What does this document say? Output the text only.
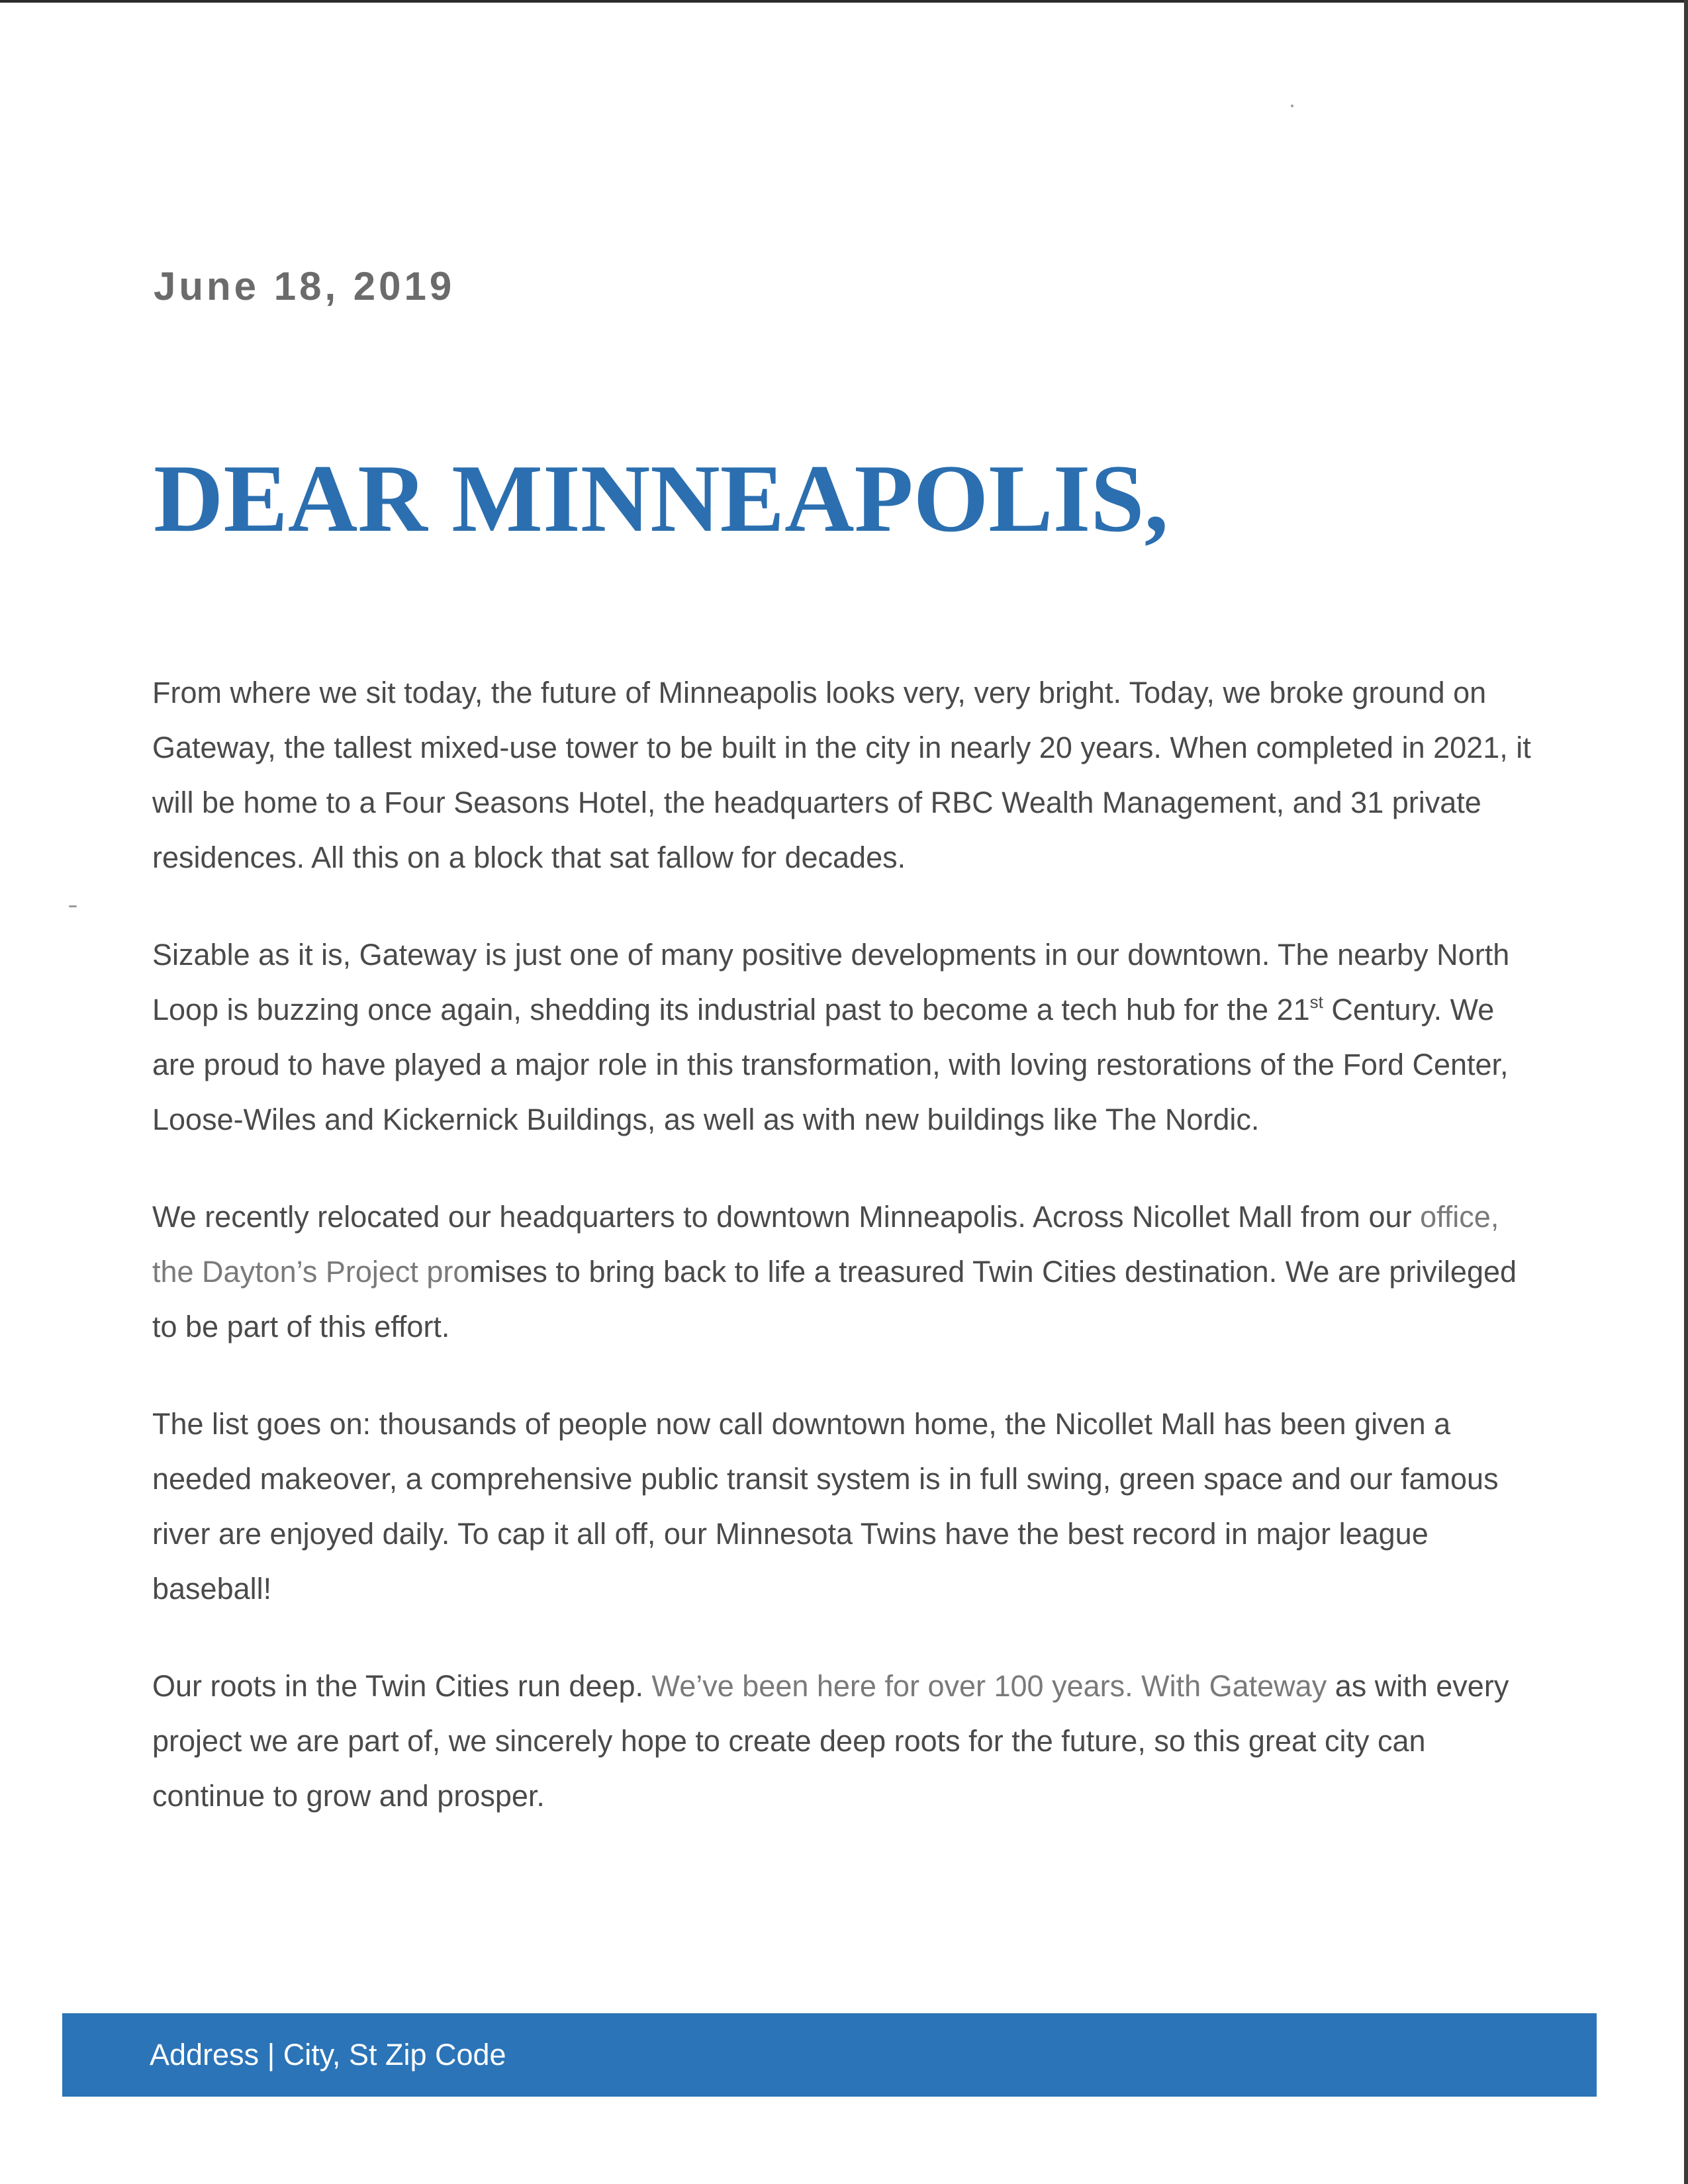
June 18, 2019
DEAR MINNEAPOLIS,

From where we sit today, the future of Minneapolis looks very, very bright. Today, we broke ground on Gateway, the tallest mixed-use tower to be built in the city in nearly 20 years. When completed in 2021, it will be home to a Four Seasons Hotel, the headquarters of RBC Wealth Management, and 31 private residences. All this on a block that sat fallow for decades.

Sizable as it is, Gateway is just one of many positive developments in our downtown. The nearby North Loop is buzzing once again, shedding its industrial past to become a tech hub for the 21st Century. We are proud to have played a major role in this transformation, with loving restorations of the Ford Center, Loose-Wiles and Kickernick Buildings, as well as with new buildings like The Nordic.

We recently relocated our headquarters to downtown Minneapolis. Across Nicollet Mall from our office, the Dayton’s Project promises to bring back to life a treasured Twin Cities destination. We are privileged to be part of this effort.

The list goes on: thousands of people now call downtown home, the Nicollet Mall has been given a needed makeover, a comprehensive public transit system is in full swing, green space and our famous river are enjoyed daily. To cap it all off, our Minnesota Twins have the best record in major league baseball!

Our roots in the Twin Cities run deep. We’ve been here for over 100 years. With Gateway as with every project we are part of, we sincerely hope to create deep roots for the future, so this great city can continue to grow and prosper.

Address | City, St Zip Code
